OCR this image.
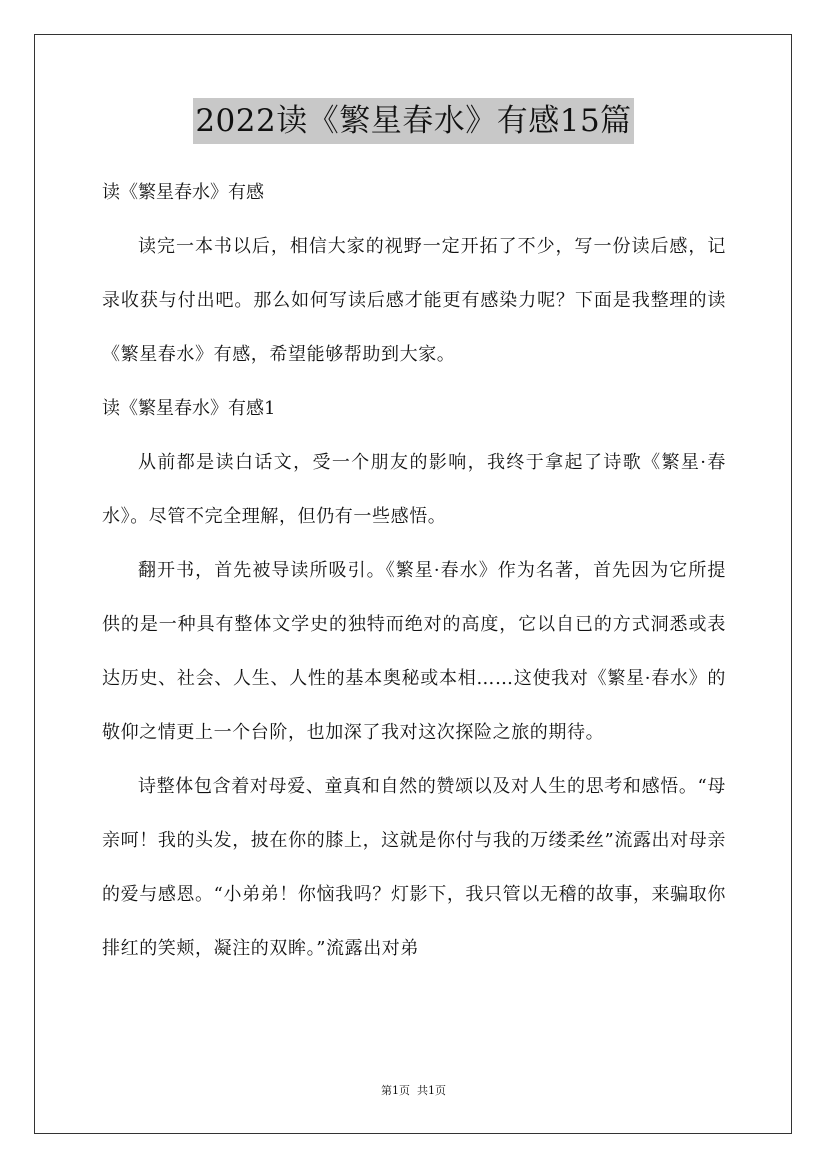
2022读《繁星春水》有感15篇
读《繁星春水》有感
读完一本书以后，相信大家的视野一定开拓了不少，写一份读后感，记录收获与付出吧。那么如何写读后感才能更有感染力呢？下面是我整理的读《繁星春水》有感，希望能够帮助到大家。
读《繁星春水》有感1
从前都是读白话文，受一个朋友的影响，我终于拿起了诗歌《繁星·春水》。尽管不完全理解，但仍有一些感悟。
翻开书，首先被导读所吸引。《繁星·春水》作为名著，首先因为它所提供的是一种具有整体文学史的独特而绝对的高度，它以自已的方式洞悉或表达历史、社会、人生、人性的基本奥秘或本相……这使我对《繁星·春水》的敬仰之情更上一个台阶，也加深了我对这次探险之旅的期待。
诗整体包含着对母爱、童真和自然的赞颂以及对人生的思考和感悟。“母亲呵！我的头发，披在你的膝上，这就是你付与我的万缕柔丝”流露出对母亲的爱与感恩。“小弟弟！你恼我吗？灯影下，我只管以无稽的故事，来骗取你排红的笑颊，凝注的双眸。”流露出对弟
第1页  共1页
